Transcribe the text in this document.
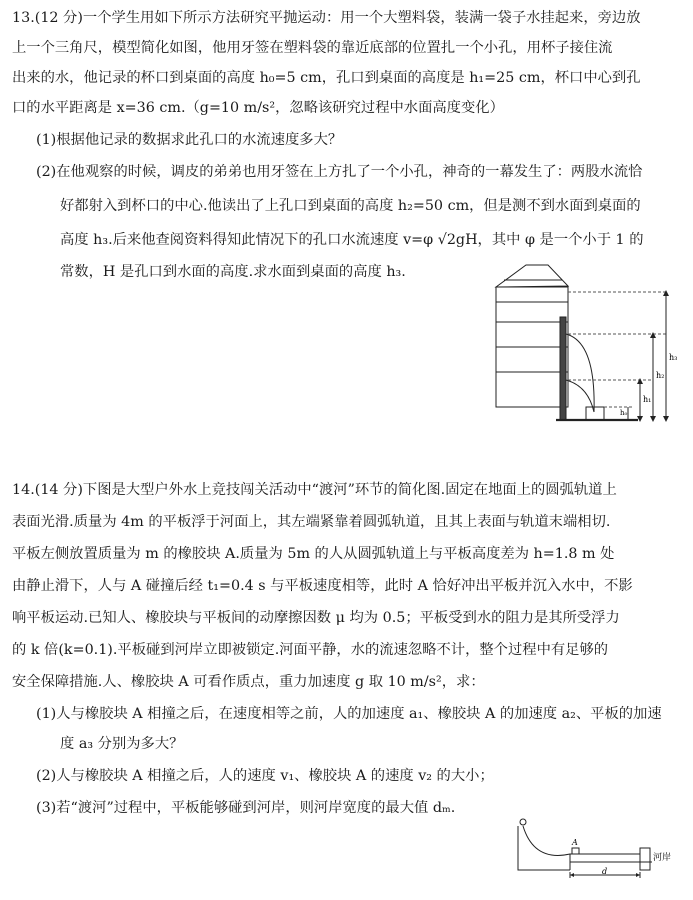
13.(12 分)一个学生用如下所示方法研究平抛运动：用一个大塑料袋，装满一袋子水挂起来，旁边放
上一个三角尺，模型简化如图，他用牙签在塑料袋的靠近底部的位置扎一个小孔，用杯子接住流
出来的水，他记录的杯口到桌面的高度 h₀=5 cm，孔口到桌面的高度是 h₁=25 cm，杯口中心到孔
口的水平距离是 x=36 cm.（g=10 m/s²，忽略该研究过程中水面高度变化）
(1)根据他记录的数据求此孔口的水流速度多大？
(2)在他观察的时候，调皮的弟弟也用牙签在上方扎了一个小孔，神奇的一幕发生了：两股水流恰
好都射入到杯口的中心.他读出了上孔口到桌面的高度 h₂=50 cm，但是测不到水面到桌面的
高度 h₃.后来他查阅资料得知此情况下的孔口水流速度 v=φ √2gH，其中 φ 是一个小于 1 的
常数，H 是孔口到水面的高度.求水面到桌面的高度 h₃.
h₃
h₂
h₁
h₀
14.(14 分)下图是大型户外水上竞技闯关活动中“渡河”环节的简化图.固定在地面上的圆弧轨道上
表面光滑.质量为 4m 的平板浮于河面上，其左端紧靠着圆弧轨道，且其上表面与轨道末端相切.
平板左侧放置质量为 m 的橡胶块 A.质量为 5m 的人从圆弧轨道上与平板高度差为 h=1.8 m 处
由静止滑下，人与 A 碰撞后经 t₁=0.4 s 与平板速度相等，此时 A 恰好冲出平板并沉入水中，不影
响平板运动.已知人、橡胶块与平板间的动摩擦因数 μ 均为 0.5；平板受到水的阻力是其所受浮力
的 k 倍(k=0.1).平板碰到河岸立即被锁定.河面平静，水的流速忽略不计，整个过程中有足够的
安全保障措施.人、橡胶块 A 可看作质点，重力加速度 g 取 10 m/s²，求：
(1)人与橡胶块 A 相撞之后，在速度相等之前，人的加速度 a₁、橡胶块 A 的加速度 a₂、平板的加速
度 a₃ 分别为多大？
(2)人与橡胶块 A 相撞之后，人的速度 v₁、橡胶块 A 的速度 v₂ 的大小；
(3)若“渡河”过程中，平板能够碰到河岸，则河岸宽度的最大值 dₘ.
A
河岸
d
